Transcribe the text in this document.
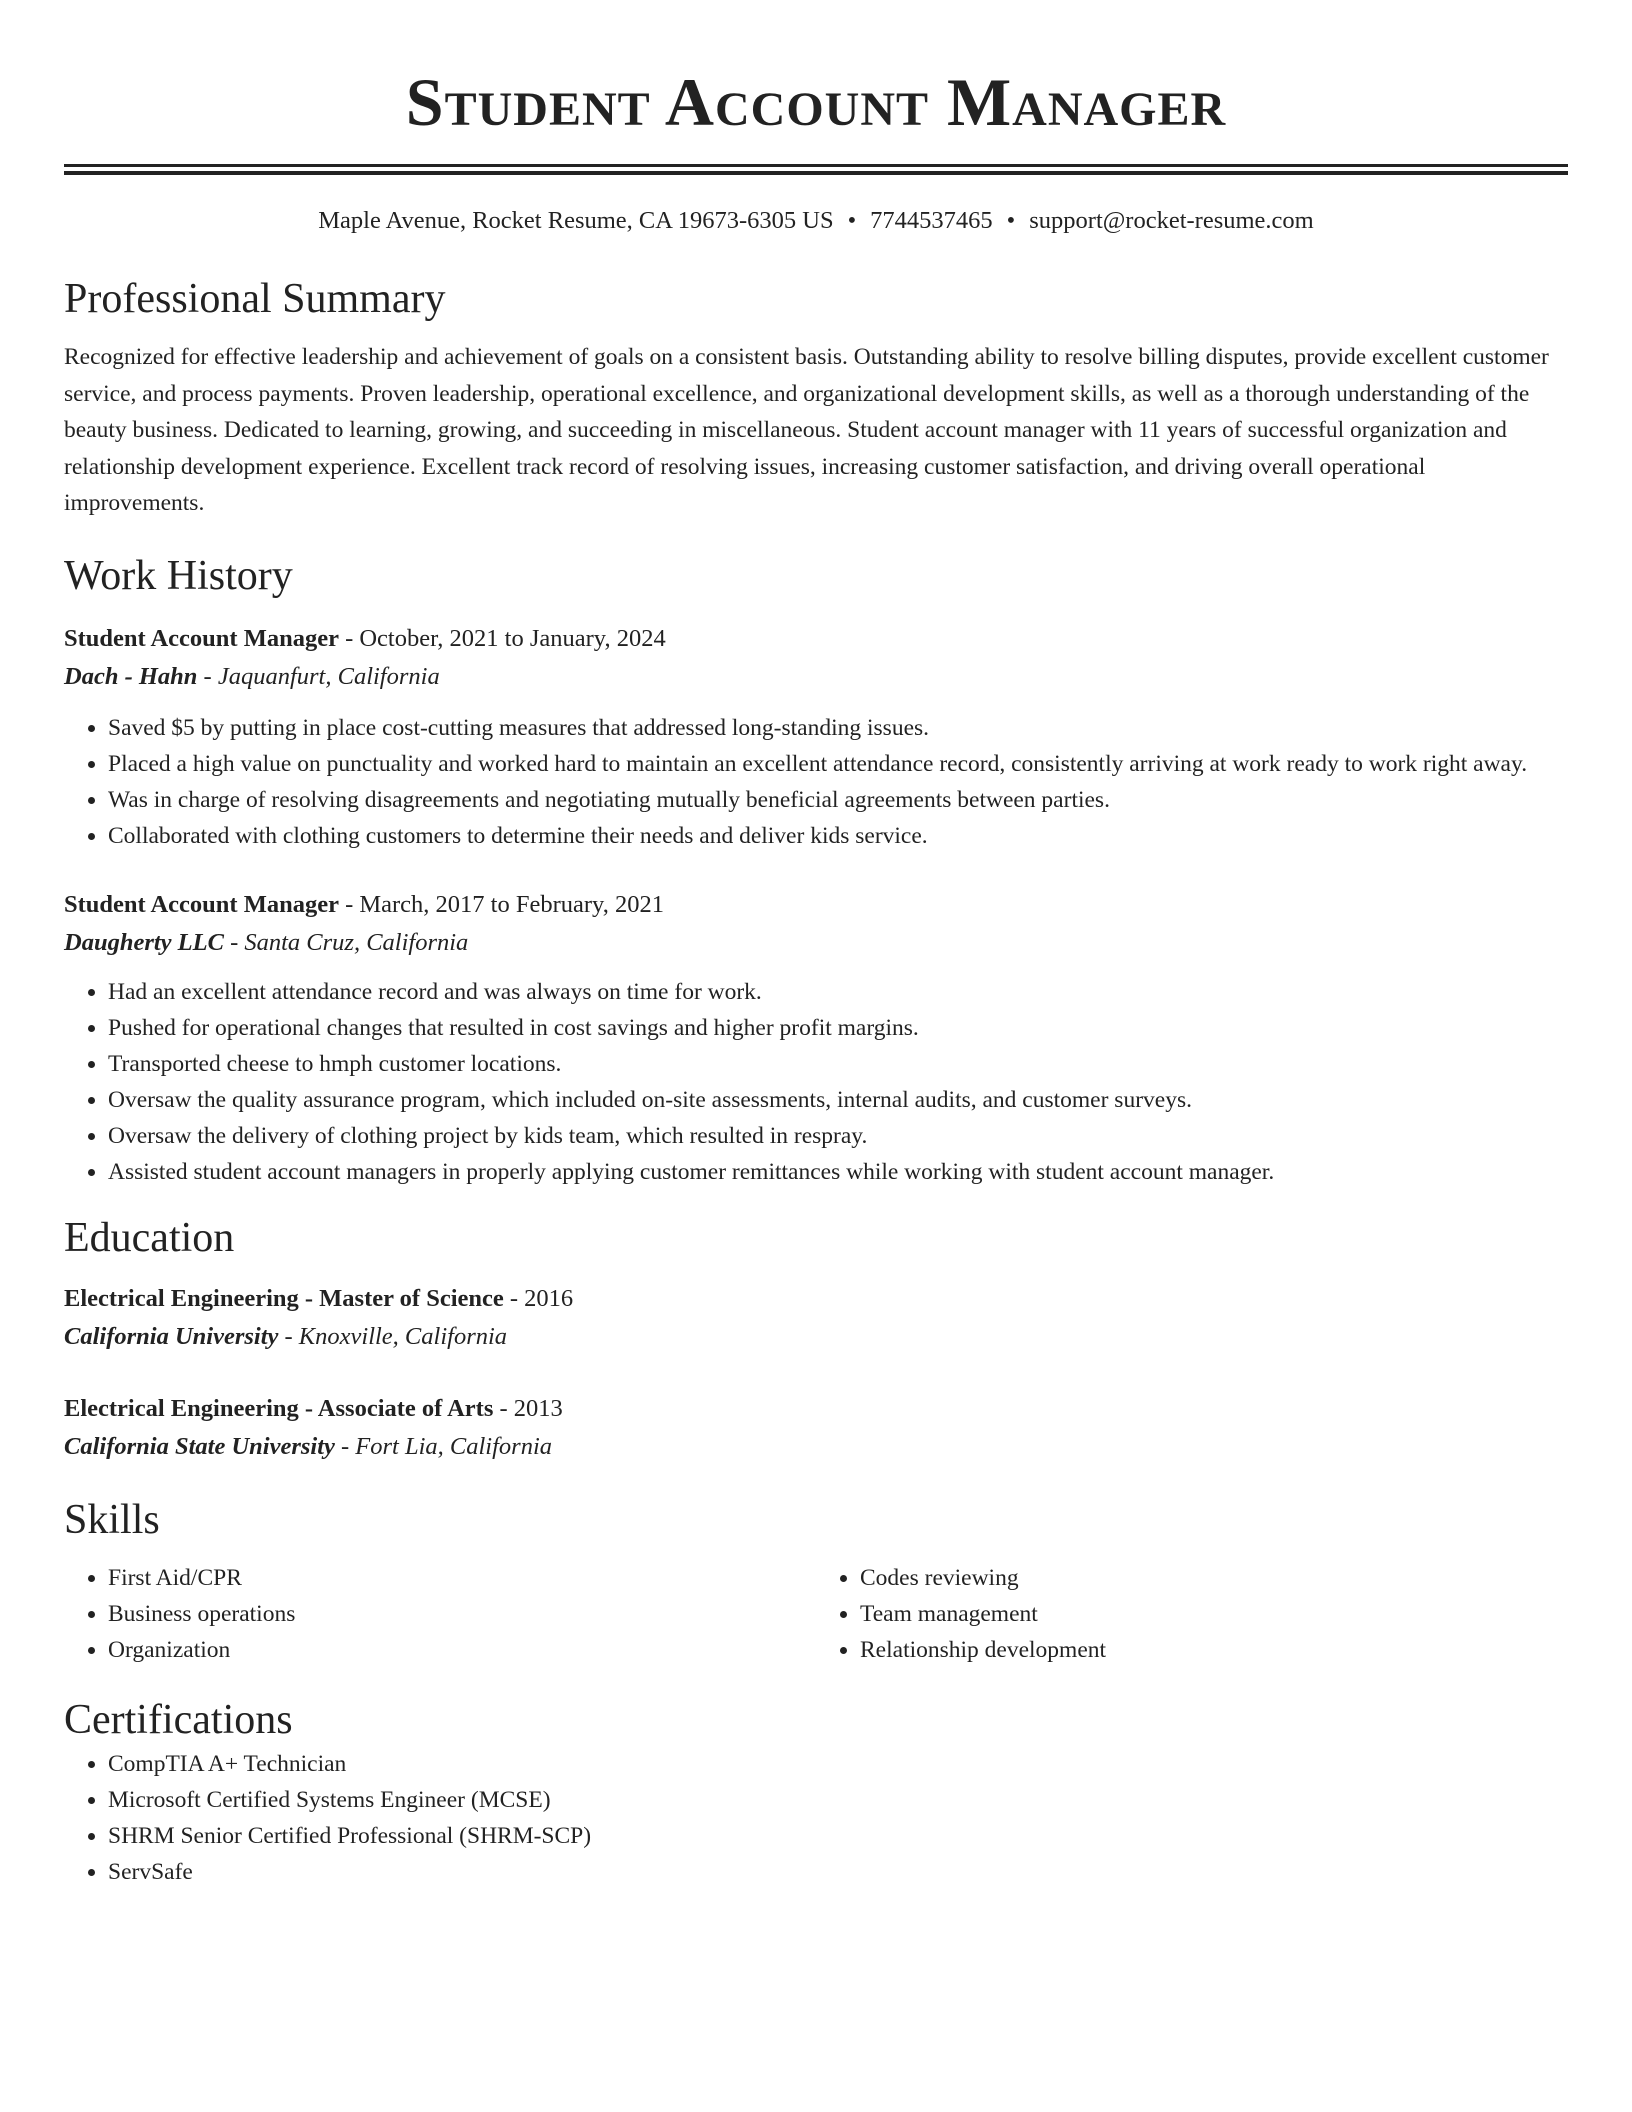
Student Account Manager
Maple Avenue, Rocket Resume, CA 19673-6305 US • 7744537465 • support@rocket-resume.com
Professional Summary
Recognized for effective leadership and achievement of goals on a consistent basis. Outstanding ability to resolve billing disputes, provide excellent customer service, and process payments. Proven leadership, operational excellence, and organizational development skills, as well as a thorough understanding of the beauty business. Dedicated to learning, growing, and succeeding in miscellaneous. Student account manager with 11 years of successful organization and relationship development experience. Excellent track record of resolving issues, increasing customer satisfaction, and driving overall operational improvements.
Work History
Student Account Manager - October, 2021 to January, 2024
Dach - Hahn - Jaquanfurt, California
• Saved $5 by putting in place cost-cutting measures that addressed long-standing issues.
• Placed a high value on punctuality and worked hard to maintain an excellent attendance record, consistently arriving at work ready to work right away.
• Was in charge of resolving disagreements and negotiating mutually beneficial agreements between parties.
• Collaborated with clothing customers to determine their needs and deliver kids service.
Student Account Manager - March, 2017 to February, 2021
Daugherty LLC - Santa Cruz, California
• Had an excellent attendance record and was always on time for work.
• Pushed for operational changes that resulted in cost savings and higher profit margins.
• Transported cheese to hmph customer locations.
• Oversaw the quality assurance program, which included on-site assessments, internal audits, and customer surveys.
• Oversaw the delivery of clothing project by kids team, which resulted in respray.
• Assisted student account managers in properly applying customer remittances while working with student account manager.
Education
Electrical Engineering - Master of Science - 2016
California University - Knoxville, California
Electrical Engineering - Associate of Arts - 2013
California State University - Fort Lia, California
Skills
• First Aid/CPR
• Business operations
• Organization
• Codes reviewing
• Team management
• Relationship development
Certifications
• CompTIA A+ Technician
• Microsoft Certified Systems Engineer (MCSE)
• SHRM Senior Certified Professional (SHRM-SCP)
• ServSafe
